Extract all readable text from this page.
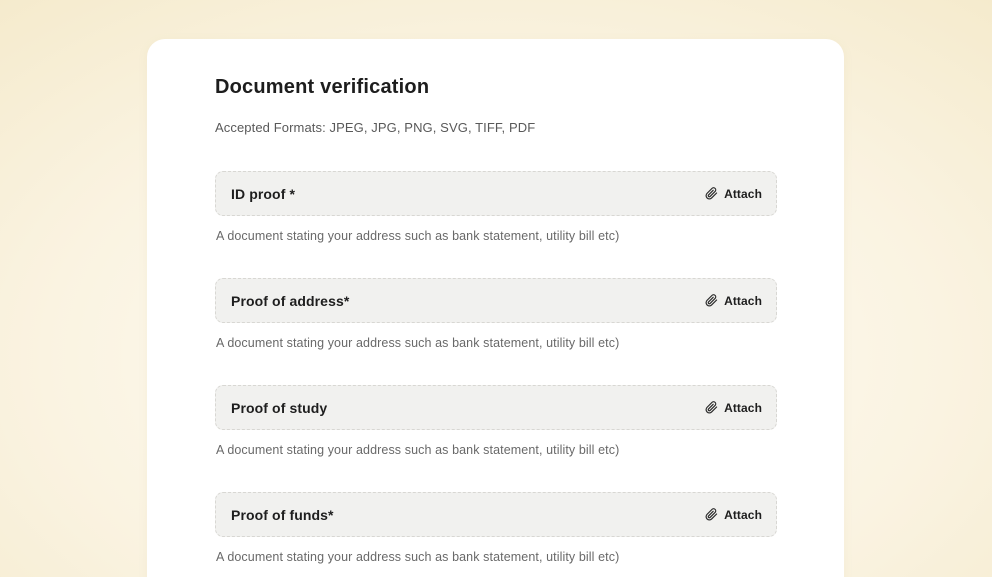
Document verification

Accepted Formats: JPEG, JPG, PNG, SVG, TIFF, PDF

ID proof *	Attach

A document stating your address such as bank statement, utility bill etc)

Proof of address*	Attach

A document stating your address such as bank statement, utility bill etc)

Proof of study	Attach

A document stating your address such as bank statement, utility bill etc)

Proof of funds*	Attach

A document stating your address such as bank statement, utility bill etc)
